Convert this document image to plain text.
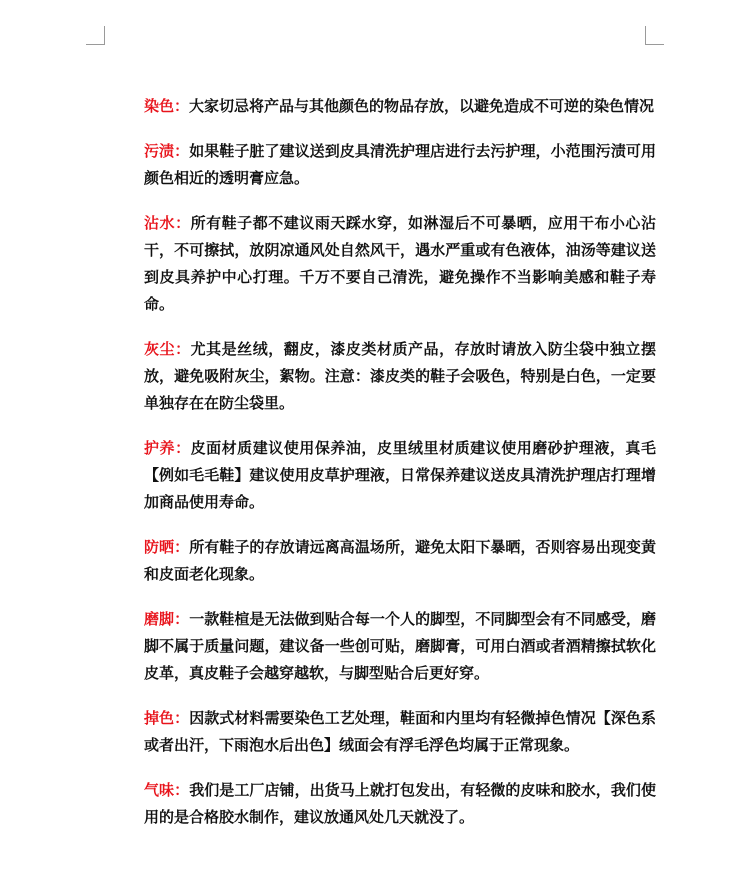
染色：大家切忌将产品与其他颜色的物品存放，以避免造成不可逆的染色情况

污渍：如果鞋子脏了建议送到皮具清洗护理店进行去污护理，小范围污渍可用颜色相近的透明膏应急。

沾水：所有鞋子都不建议雨天踩水穿，如淋湿后不可暴晒，应用干布小心沾干，不可擦拭，放阴凉通风处自然风干，遇水严重或有色液体，油汤等建议送到皮具养护中心打理。千万不要自己清洗，避免操作不当影响美感和鞋子寿命。

灰尘：尤其是丝绒，翻皮，漆皮类材质产品，存放时请放入防尘袋中独立摆放，避免吸附灰尘，絮物。注意：漆皮类的鞋子会吸色，特别是白色，一定要单独存在在防尘袋里。

护养：皮面材质建议使用保养油，皮里绒里材质建议使用磨砂护理液，真毛【例如毛毛鞋】建议使用皮草护理液，日常保养建议送皮具清洗护理店打理增加商品使用寿命。

防晒：所有鞋子的存放请远离高温场所，避免太阳下暴晒，否则容易出现变黄和皮面老化现象。

磨脚：一款鞋楦是无法做到贴合每一个人的脚型，不同脚型会有不同感受，磨脚不属于质量问题，建议备一些创可贴，磨脚膏，可用白酒或者酒精擦拭软化皮革，真皮鞋子会越穿越软，与脚型贴合后更好穿。

掉色：因款式材料需要染色工艺处理，鞋面和内里均有轻微掉色情况【深色系或者出汗，下雨泡水后出色】绒面会有浮毛浮色均属于正常现象。

气味：我们是工厂店铺，出货马上就打包发出，有轻微的皮味和胶水，我们使用的是合格胶水制作，建议放通风处几天就没了。
